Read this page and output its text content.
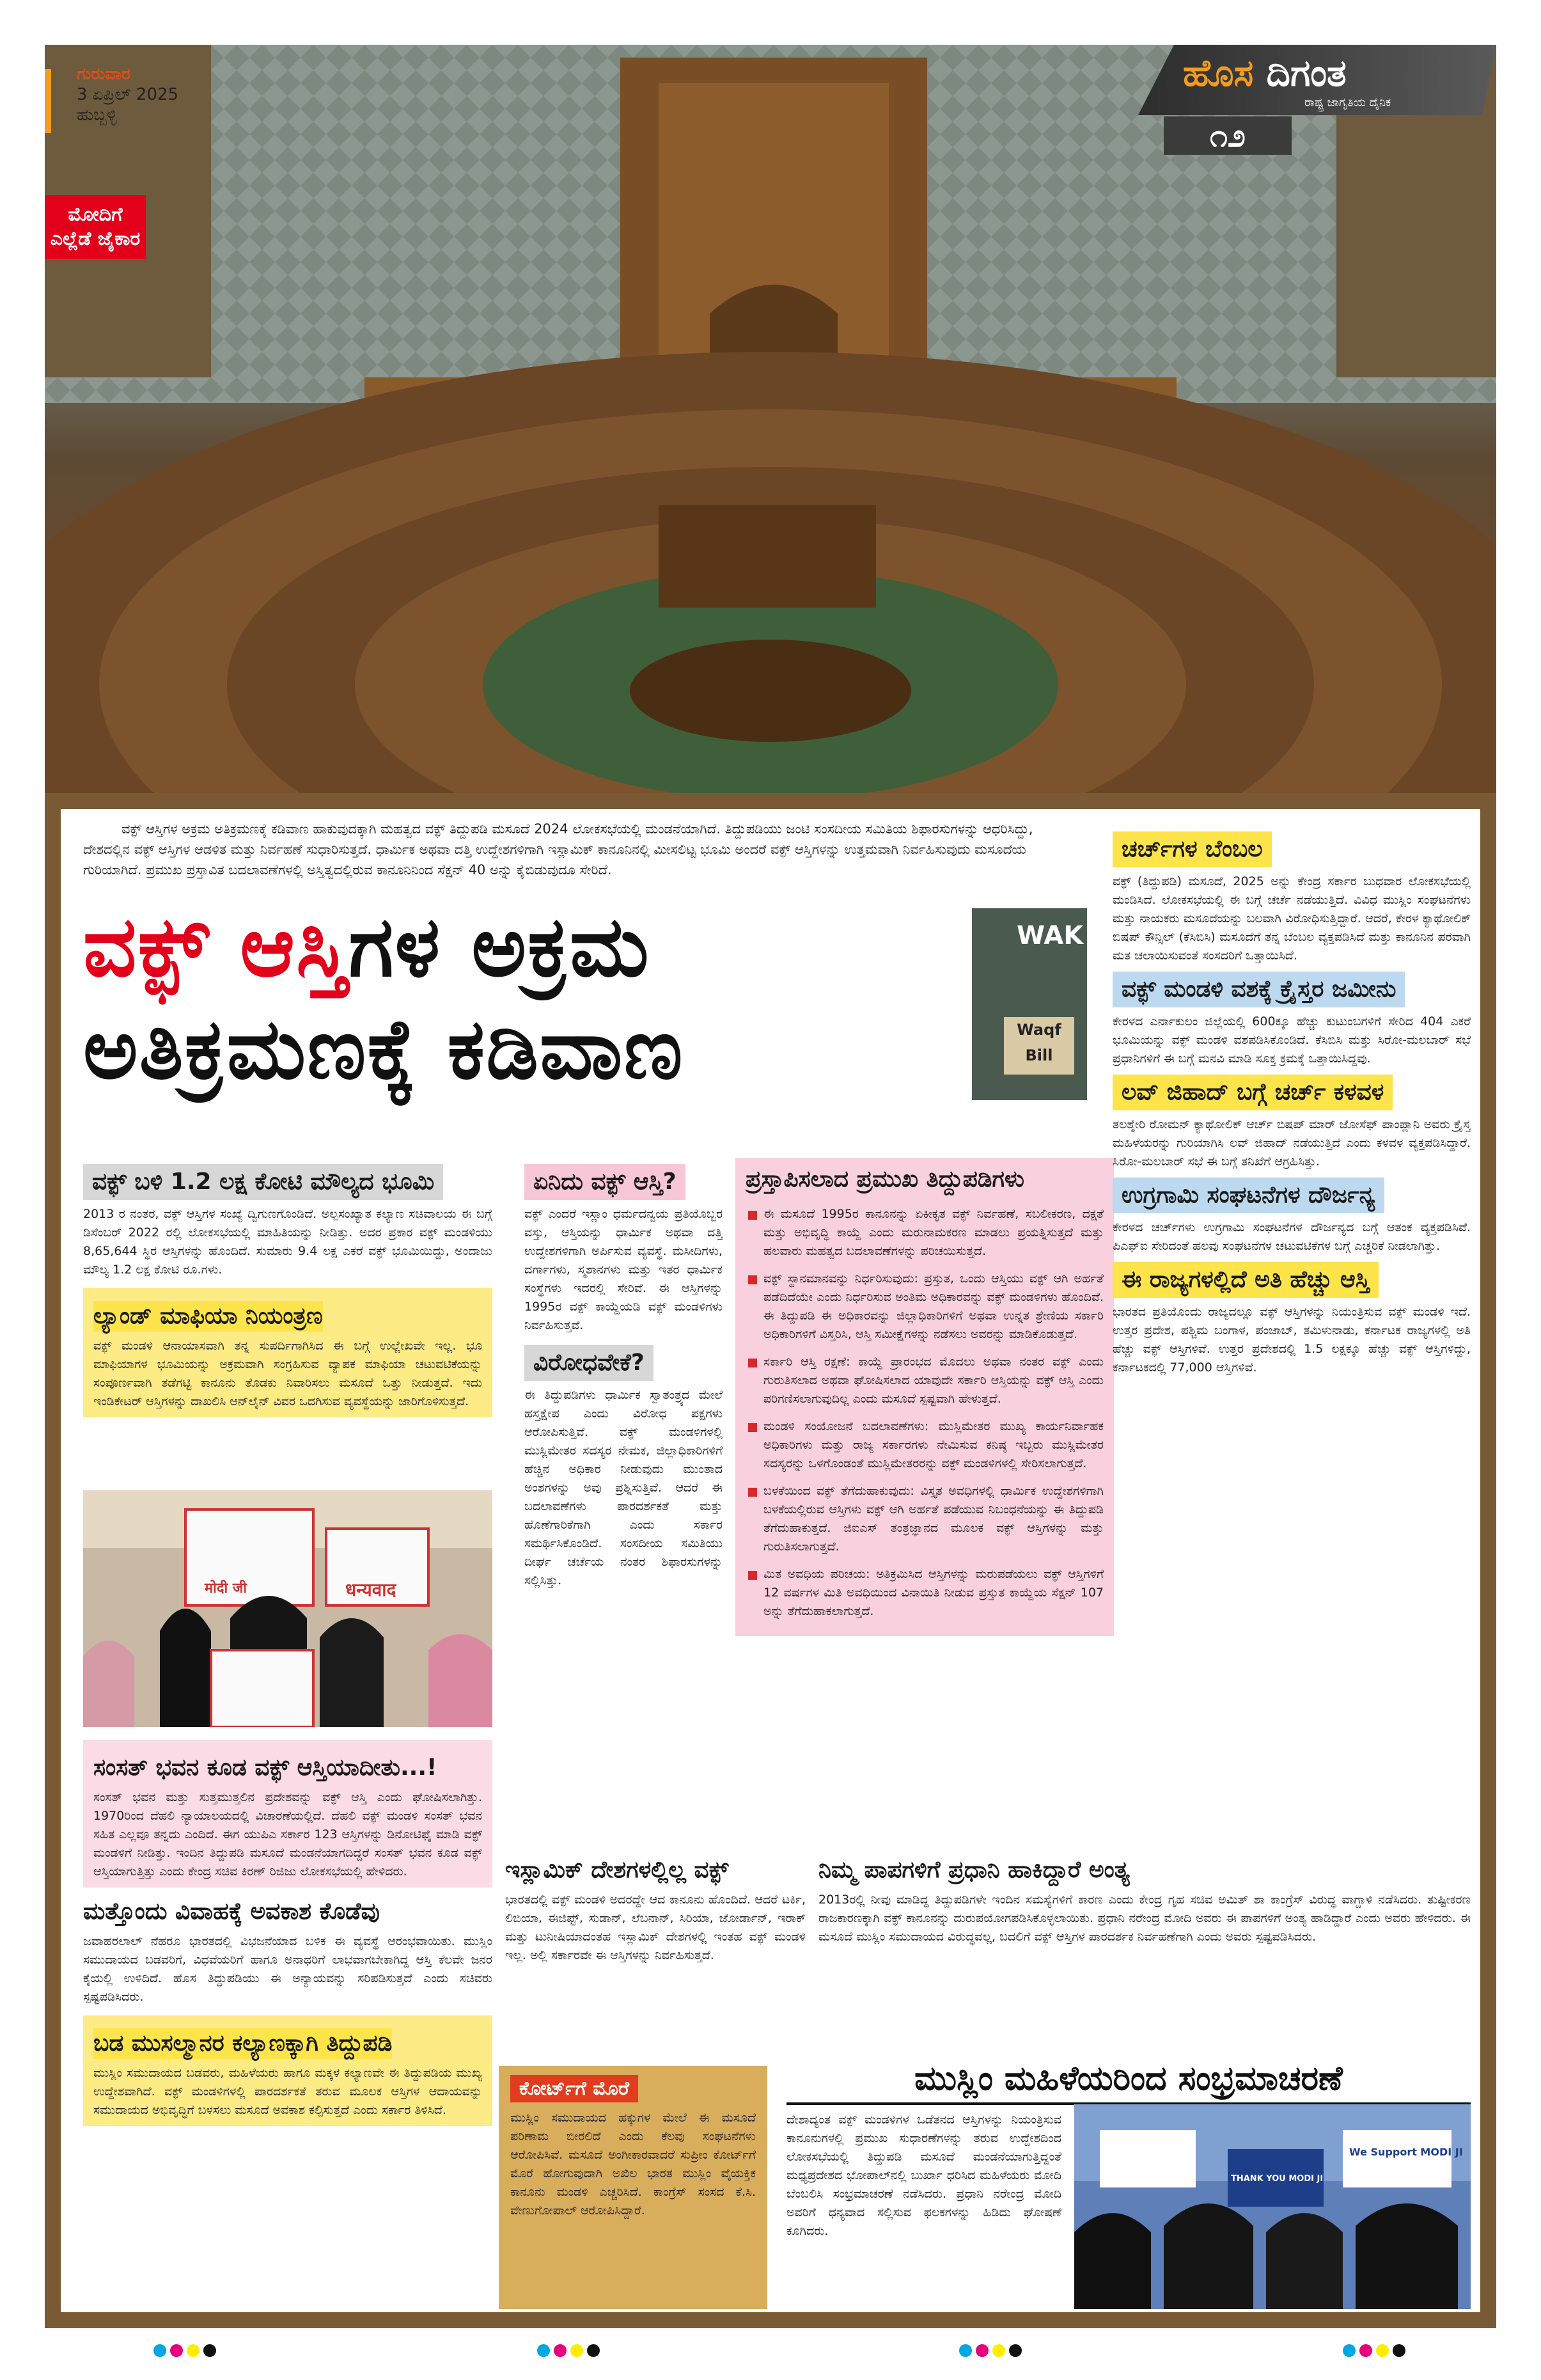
ಗುರುವಾರ
3 ಏಪ್ರಿಲ್ 2025
ಹುಬ್ಬಳ್ಳಿ
ಮೋದಿಗೆ ಎಲ್ಲೆಡೆ ಜೈಕಾರ
ಹೊಸ ದಿಗಂತ
ರಾಷ್ಟ್ರ ಜಾಗೃತಿಯ ದೈನಿಕ
೧೨
ವಕ್ಫ್ ಆಸ್ತಿಗಳ ಅಕ್ರಮ ಅತಿಕ್ರಮಣಕ್ಕೆ ಕಡಿವಾಣ ಹಾಕುವುದಕ್ಕಾಗಿ ಮಹತ್ವದ ವಕ್ಫ್ ತಿದ್ದುಪಡಿ ಮಸೂದೆ 2024 ಲೋಕಸಭೆಯಲ್ಲಿ ಮಂಡನೆಯಾಗಿದೆ. ತಿದ್ದುಪಡಿಯು ಜಂಟಿ ಸಂಸದೀಯ ಸಮಿತಿಯ ಶಿಫಾರಸುಗಳನ್ನು ಆಧರಿಸಿದ್ದು, ದೇಶದಲ್ಲಿನ ವಕ್ಫ್ ಆಸ್ತಿಗಳ ಆಡಳಿತ ಮತ್ತು ನಿರ್ವಹಣೆ ಸುಧಾರಿಸುತ್ತದೆ. ಧಾರ್ಮಿಕ ಅಥವಾ ದತ್ತಿ ಉದ್ದೇಶಗಳಿಗಾಗಿ ಇಸ್ಲಾಮಿಕ್ ಕಾನೂನಿನಲ್ಲಿ ಮೀಸಲಿಟ್ಟ ಭೂಮಿ ಅಂದರೆ ವಕ್ಫ್ ಆಸ್ತಿಗಳನ್ನು ಉತ್ತಮವಾಗಿ ನಿರ್ವಹಿಸುವುದು ಮಸೂದೆಯ ಗುರಿಯಾಗಿದೆ. ಪ್ರಮುಖ ಪ್ರಸ್ತಾವಿತ ಬದಲಾವಣೆಗಳಲ್ಲಿ ಅಸ್ತಿತ್ವದಲ್ಲಿರುವ ಕಾನೂನಿನಿಂದ ಸೆಕ್ಷನ್ 40 ಅನ್ನು ಕೈಬಿಡುವುದೂ ಸೇರಿದೆ.
ವಕ್ಫ್ ಆಸ್ತಿಗಳ ಅಕ್ರಮ
ಅತಿಕ್ರಮಣಕ್ಕೆ ಕಡಿವಾಣ
WAK
Waqf
Bill
ವಕ್ಫ್ ಬಳಿ 1.2 ಲಕ್ಷ ಕೋಟಿ ಮೌಲ್ಯದ ಭೂಮಿ
2013 ರ ನಂತರ, ವಕ್ಫ್ ಆಸ್ತಿಗಳ ಸಂಖ್ಯೆ ದ್ವಿಗುಣಗೊಂಡಿದೆ. ಅಲ್ಪಸಂಖ್ಯಾತ ಕಲ್ಯಾಣ ಸಚಿವಾಲಯ ಈ ಬಗ್ಗೆ ಡಿಸೆಂಬರ್ 2022 ರಲ್ಲಿ ಲೋಕಸಭೆಯಲ್ಲಿ ಮಾಹಿತಿಯನ್ನು ನೀಡಿತ್ತು. ಅದರ ಪ್ರಕಾರ ವಕ್ಫ್ ಮಂಡಳಿಯು 8,65,644 ಸ್ಥಿರ ಆಸ್ತಿಗಳನ್ನು ಹೊಂದಿದೆ. ಸುಮಾರು 9.4 ಲಕ್ಷ ಎಕರೆ ವಕ್ಫ್ ಭೂಮಿಯಿದ್ದು, ಅಂದಾಜು ಮೌಲ್ಯ 1.2 ಲಕ್ಷ ಕೋಟಿ ರೂ.ಗಳು.
ಲ್ಯಾಂಡ್ ಮಾಫಿಯಾ ನಿಯಂತ್ರಣ
ವಕ್ಫ್ ಮಂಡಳಿ ಆನಾಯಾಸವಾಗಿ ತನ್ನ ಸುಪರ್ದಿಗಾಗಿಸಿದ ಈ ಬಗ್ಗೆ ಉಲ್ಲೇಖವೇ ಇಲ್ಲ. ಭೂ ಮಾಫಿಯಾಗಳ ಭೂಮಿಯನ್ನು ಅಕ್ರಮವಾಗಿ ಸಂಗ್ರಹಿಸುವ ವ್ಯಾಪಕ ಮಾಫಿಯಾ ಚಟುವಟಿಕೆಯನ್ನು ಸಂಪೂರ್ಣವಾಗಿ ತಡೆಗಟ್ಟಿ ಕಾನೂನು ತೊಡಕು ನಿವಾರಿಸಲು ಮಸೂದೆ ಒತ್ತು ನೀಡುತ್ತದೆ. ಇದು ಇಂಡಿಕೇಟರ್ ಆಸ್ತಿಗಳನ್ನು ದಾಖಲಿಸಿ ಆನ್‌ಲೈನ್ ವಿವರ ಒದಗಿಸುವ ವ್ಯವಸ್ಥೆಯನ್ನು ಜಾರಿಗೊಳಿಸುತ್ತದೆ.
धन्यवाद
मोदी जी
ಸಂಸತ್ ಭವನ ಕೂಡ ವಕ್ಫ್ ಆಸ್ತಿಯಾದೀತು...!
ಸಂಸತ್ ಭವನ ಮತ್ತು ಸುತ್ತಮುತ್ತಲಿನ ಪ್ರದೇಶವನ್ನು ವಕ್ಫ್ ಆಸ್ತಿ ಎಂದು ಘೋಷಿಸಲಾಗಿತ್ತು. 1970ರಿಂದ ದೆಹಲಿ ನ್ಯಾಯಾಲಯದಲ್ಲಿ ವಿಚಾರಣೆಯಲ್ಲಿದೆ. ದೆಹಲಿ ವಕ್ಫ್ ಮಂಡಳಿ ಸಂಸತ್ ಭವನ ಸಹಿತ ಎಲ್ಲವೂ ತನ್ನದು ಎಂದಿದೆ. ಈಗ ಯುಪಿಎ ಸರ್ಕಾರ 123 ಆಸ್ತಿಗಳನ್ನು ಡಿನೋಟಿಫೈ ಮಾಡಿ ವಕ್ಫ್ ಮಂಡಳಿಗೆ ನೀಡಿತ್ತು. ಇಂದಿನ ತಿದ್ದುಪಡಿ ಮಸೂದೆ ಮಂಡನೆಯಾಗದಿದ್ದರೆ ಸಂಸತ್ ಭವನ ಕೂಡ ವಕ್ಫ್ ಆಸ್ತಿಯಾಗುತ್ತಿತ್ತು ಎಂದು ಕೇಂದ್ರ ಸಚಿವ ಕಿರಣ್ ರಿಜಿಜು ಲೋಕಸಭೆಯಲ್ಲಿ ಹೇಳಿದರು.
ಮತ್ತೊಂದು ವಿವಾಹಕ್ಕೆ ಅವಕಾಶ ಕೊಡೆವು
ಜವಾಹರಲಾಲ್ ನೆಹರೂ ಭಾರತದಲ್ಲಿ ವಿಭಜನೆಯಾದ ಬಳಿಕ ಈ ವ್ಯವಸ್ಥೆ ಆರಂಭವಾಯಿತು. ಮುಸ್ಲಿಂ ಸಮುದಾಯದ ಬಡವರಿಗೆ, ವಿಧವೆಯರಿಗೆ ಹಾಗೂ ಅನಾಥರಿಗೆ ಲಾಭವಾಗಬೇಕಾಗಿದ್ದ ಆಸ್ತಿ ಕೆಲವೇ ಜನರ ಕೈಯಲ್ಲಿ ಉಳಿದಿದೆ. ಹೊಸ ತಿದ್ದುಪಡಿಯು ಈ ಅನ್ಯಾಯವನ್ನು ಸರಿಪಡಿಸುತ್ತದೆ ಎಂದು ಸಚಿವರು ಸ್ಪಷ್ಟಪಡಿಸಿದರು.
ಬಡ ಮುಸಲ್ಮಾನರ ಕಲ್ಯಾಣಕ್ಕಾಗಿ ತಿದ್ದುಪಡಿ
ಮುಸ್ಲಿಂ ಸಮುದಾಯದ ಬಡವರು, ಮಹಿಳೆಯರು ಹಾಗೂ ಮಕ್ಕಳ ಕಲ್ಯಾಣವೇ ಈ ತಿದ್ದುಪಡಿಯ ಮುಖ್ಯ ಉದ್ದೇಶವಾಗಿದೆ. ವಕ್ಫ್ ಮಂಡಳಿಗಳಲ್ಲಿ ಪಾರದರ್ಶಕತೆ ತರುವ ಮೂಲಕ ಆಸ್ತಿಗಳ ಆದಾಯವನ್ನು ಸಮುದಾಯದ ಅಭಿವೃದ್ಧಿಗೆ ಬಳಸಲು ಮಸೂದೆ ಅವಕಾಶ ಕಲ್ಪಿಸುತ್ತದೆ ಎಂದು ಸರ್ಕಾರ ತಿಳಿಸಿದೆ.
ಏನಿದು ವಕ್ಫ್ ಆಸ್ತಿ?
ವಕ್ಫ್ ಎಂದರೆ ಇಸ್ಲಾಂ ಧರ್ಮದನ್ವಯ ಪ್ರತಿಯೊಬ್ಬರ ವಸ್ತು, ಆಸ್ತಿಯನ್ನು ಧಾರ್ಮಿಕ ಅಥವಾ ದತ್ತಿ ಉದ್ದೇಶಗಳಿಗಾಗಿ ಅರ್ಪಿಸುವ ವ್ಯವಸ್ಥೆ. ಮಸೀದಿಗಳು, ದರ್ಗಾಗಳು, ಸ್ಮಶಾನಗಳು ಮತ್ತು ಇತರ ಧಾರ್ಮಿಕ ಸಂಸ್ಥೆಗಳು ಇದರಲ್ಲಿ ಸೇರಿವೆ. ಈ ಆಸ್ತಿಗಳನ್ನು 1995ರ ವಕ್ಫ್ ಕಾಯ್ದೆಯಡಿ ವಕ್ಫ್ ಮಂಡಳಿಗಳು ನಿರ್ವಹಿಸುತ್ತವೆ.
ವಿರೋಧವೇಕೆ?
ಈ ತಿದ್ದುಪಡಿಗಳು ಧಾರ್ಮಿಕ ಸ್ವಾತಂತ್ರ್ಯದ ಮೇಲೆ ಹಸ್ತಕ್ಷೇಪ ಎಂದು ವಿರೋಧ ಪಕ್ಷಗಳು ಆರೋಪಿಸುತ್ತಿವೆ. ವಕ್ಫ್ ಮಂಡಳಿಗಳಲ್ಲಿ ಮುಸ್ಲಿಮೇತರ ಸದಸ್ಯರ ನೇಮಕ, ಜಿಲ್ಲಾಧಿಕಾರಿಗಳಿಗೆ ಹೆಚ್ಚಿನ ಅಧಿಕಾರ ನೀಡುವುದು ಮುಂತಾದ ಅಂಶಗಳನ್ನು ಅವು ಪ್ರಶ್ನಿಸುತ್ತಿವೆ. ಆದರೆ ಈ ಬದಲಾವಣೆಗಳು ಪಾರದರ್ಶಕತೆ ಮತ್ತು ಹೊಣೆಗಾರಿಕೆಗಾಗಿ ಎಂದು ಸರ್ಕಾರ ಸಮರ್ಥಿಸಿಕೊಂಡಿದೆ. ಸಂಸದೀಯ ಸಮಿತಿಯು ದೀರ್ಘ ಚರ್ಚೆಯ ನಂತರ ಶಿಫಾರಸುಗಳನ್ನು ಸಲ್ಲಿಸಿತ್ತು.
ಪ್ರಸ್ತಾಪಿಸಲಾದ ಪ್ರಮುಖ ತಿದ್ದುಪಡಿಗಳು
ಈ ಮಸೂದೆ 1995ರ ಕಾನೂನನ್ನು ಏಕೀಕೃತ ವಕ್ಫ್ ನಿರ್ವಹಣೆ, ಸಬಲೀಕರಣ, ದಕ್ಷತೆ ಮತ್ತು ಅಭಿವೃದ್ಧಿ ಕಾಯ್ದೆ ಎಂದು ಮರುನಾಮಕರಣ ಮಾಡಲು ಪ್ರಯತ್ನಿಸುತ್ತದೆ ಮತ್ತು ಹಲವಾರು ಮಹತ್ವದ ಬದಲಾವಣೆಗಳನ್ನು ಪರಿಚಯಿಸುತ್ತದೆ.
ವಕ್ಫ್ ಸ್ಥಾನಮಾನವನ್ನು ನಿರ್ಧರಿಸುವುದು: ಪ್ರಸ್ತುತ, ಒಂದು ಆಸ್ತಿಯು ವಕ್ಫ್ ಆಗಿ ಅರ್ಹತೆ ಪಡೆದಿದೆಯೇ ಎಂದು ನಿರ್ಧರಿಸುವ ಅಂತಿಮ ಅಧಿಕಾರವನ್ನು ವಕ್ಫ್ ಮಂಡಳಿಗಳು ಹೊಂದಿವೆ. ಈ ತಿದ್ದುಪಡಿ ಈ ಅಧಿಕಾರವನ್ನು ಜಿಲ್ಲಾಧಿಕಾರಿಗಳಿಗೆ ಅಥವಾ ಉನ್ನತ ಶ್ರೇಣಿಯ ಸರ್ಕಾರಿ ಅಧಿಕಾರಿಗಳಿಗೆ ವಿಸ್ತರಿಸಿ, ಆಸ್ತಿ ಸಮೀಕ್ಷೆಗಳನ್ನು ನಡೆಸಲು ಅವರನ್ನು ಮಾಡಿಕೊಡುತ್ತದೆ.
ಸರ್ಕಾರಿ ಆಸ್ತಿ ರಕ್ಷಣೆ: ಕಾಯ್ದೆ ಪ್ರಾರಂಭದ ಮೊದಲು ಅಥವಾ ನಂತರ ವಕ್ಫ್ ಎಂದು ಗುರುತಿಸಲಾದ ಅಥವಾ ಘೋಷಿಸಲಾದ ಯಾವುದೇ ಸರ್ಕಾರಿ ಆಸ್ತಿಯನ್ನು ವಕ್ಫ್ ಆಸ್ತಿ ಎಂದು ಪರಿಗಣಿಸಲಾಗುವುದಿಲ್ಲ ಎಂದು ಮಸೂದೆ ಸ್ಪಷ್ಟವಾಗಿ ಹೇಳುತ್ತದೆ.
ಮಂಡಳಿ ಸಂಯೋಜನೆ ಬದಲಾವಣೆಗಳು: ಮುಸ್ಲಿಮೇತರ ಮುಖ್ಯ ಕಾರ್ಯನಿರ್ವಾಹಕ ಅಧಿಕಾರಿಗಳು ಮತ್ತು ರಾಜ್ಯ ಸರ್ಕಾರಗಳು ನೇಮಿಸುವ ಕನಿಷ್ಠ ಇಬ್ಬರು ಮುಸ್ಲಿಮೇತರ ಸದಸ್ಯರನ್ನು ಒಳಗೊಂಡಂತೆ ಮುಸ್ಲಿಮೇತರರನ್ನು ವಕ್ಫ್ ಮಂಡಳಿಗಳಲ್ಲಿ ಸೇರಿಸಲಾಗುತ್ತದೆ.
ಬಳಕೆಯಿಂದ ವಕ್ಫ್ ತೆಗೆದುಹಾಕುವುದು: ವಿಸ್ತೃತ ಅವಧಿಗಳಲ್ಲಿ ಧಾರ್ಮಿಕ ಉದ್ದೇಶಗಳಿಗಾಗಿ ಬಳಕೆಯಲ್ಲಿರುವ ಆಸ್ತಿಗಳು ವಕ್ಫ್ ಆಗಿ ಅರ್ಹತೆ ಪಡೆಯುವ ನಿಬಂಧನೆಯನ್ನು ಈ ತಿದ್ದುಪಡಿ ತೆಗೆದುಹಾಕುತ್ತದೆ. ಜಿಐಎಸ್ ತಂತ್ರಜ್ಞಾನದ ಮೂಲಕ ವಕ್ಫ್ ಆಸ್ತಿಗಳನ್ನು ಮತ್ತು ಗುರುತಿಸಲಾಗುತ್ತದೆ.
ಮಿತ ಅವಧಿಯ ಪರಿಚಯ: ಅತಿಕ್ರಮಿಸಿದ ಆಸ್ತಿಗಳನ್ನು ಮರುಪಡೆಯಲು ವಕ್ಫ್ ಆಸ್ತಿಗಳಿಗೆ 12 ವರ್ಷಗಳ ಮಿತಿ ಅವಧಿಯಿಂದ ವಿನಾಯಿತಿ ನೀಡುವ ಪ್ರಸ್ತುತ ಕಾಯ್ದೆಯ ಸೆಕ್ಷನ್ 107 ಅನ್ನು ತೆಗೆದುಹಾಕಲಾಗುತ್ತದೆ.
ಚರ್ಚ್‌ಗಳ ಬೆಂಬಲ
ವಕ್ಫ್ (ತಿದ್ದುಪಡಿ) ಮಸೂದೆ, 2025 ಅನ್ನು ಕೇಂದ್ರ ಸರ್ಕಾರ ಬುಧವಾರ ಲೋಕಸಭೆಯಲ್ಲಿ ಮಂಡಿಸಿದೆ. ಲೋಕಸಭೆಯಲ್ಲಿ ಈ ಬಗ್ಗೆ ಚರ್ಚೆ ನಡೆಯುತ್ತಿದೆ. ವಿವಿಧ ಮುಸ್ಲಿಂ ಸಂಘಟನೆಗಳು ಮತ್ತು ನಾಯಕರು ಮಸೂದೆಯನ್ನು ಬಲವಾಗಿ ವಿರೋಧಿಸುತ್ತಿದ್ದಾರೆ. ಆದರೆ, ಕೇರಳ ಕ್ಯಾಥೋಲಿಕ್ ಬಿಷಪ್ ಕೌನ್ಸಿಲ್ (ಕೆಸಿಬಿಸಿ) ಮಸೂದೆಗೆ ತನ್ನ ಬೆಂಬಲ ವ್ಯಕ್ತಪಡಿಸಿದೆ ಮತ್ತು ಕಾನೂನಿನ ಪರವಾಗಿ ಮತ ಚಲಾಯಿಸುವಂತೆ ಸಂಸದರಿಗೆ ಒತ್ತಾಯಿಸಿದೆ.
ವಕ್ಫ್ ಮಂಡಳಿ ವಶಕ್ಕೆ ಕ್ರೈಸ್ತರ ಜಮೀನು
ಕೇರಳದ ಎರ್ನಾಕುಲಂ ಜಿಲ್ಲೆಯಲ್ಲಿ 600ಕ್ಕೂ ಹೆಚ್ಚು ಕುಟುಂಬಗಳಿಗೆ ಸೇರಿದ 404 ಎಕರೆ ಭೂಮಿಯನ್ನು ವಕ್ಫ್ ಮಂಡಳಿ ವಶಪಡಿಸಿಕೊಂಡಿದೆ. ಕೆಸಿಬಿಸಿ ಮತ್ತು ಸಿರೋ-ಮಲಬಾರ್ ಸಭೆ ಪ್ರಧಾನಿಗಳಿಗೆ ಈ ಬಗ್ಗೆ ಮನವಿ ಮಾಡಿ ಸೂಕ್ತ ಕ್ರಮಕ್ಕೆ ಒತ್ತಾಯಿಸಿದ್ದವು.
ಲವ್ ಜಿಹಾದ್ ಬಗ್ಗೆ ಚರ್ಚ್ ಕಳವಳ
ತಲಶ್ಶೇರಿ ರೋಮನ್ ಕ್ಯಾಥೋಲಿಕ್ ಆರ್ಚ್ ಬಿಷಪ್ ಮಾರ್ ಜೋಸೆಫ್ ಪಾಂಪ್ಲಾನಿ ಅವರು ಕ್ರೈಸ್ತ ಮಹಿಳೆಯರನ್ನು ಗುರಿಯಾಗಿಸಿ ಲವ್ ಜಿಹಾದ್ ನಡೆಯುತ್ತಿದೆ ಎಂದು ಕಳವಳ ವ್ಯಕ್ತಪಡಿಸಿದ್ದಾರೆ. ಸಿರೋ-ಮಲಬಾರ್ ಸಭೆ ಈ ಬಗ್ಗೆ ತನಿಖೆಗೆ ಆಗ್ರಹಿಸಿತ್ತು.
ಉಗ್ರಗಾಮಿ ಸಂಘಟನೆಗಳ ದೌರ್ಜನ್ಯ
ಕೇರಳದ ಚರ್ಚ್‌ಗಳು ಉಗ್ರಗಾಮಿ ಸಂಘಟನೆಗಳ ದೌರ್ಜನ್ಯದ ಬಗ್ಗೆ ಆತಂಕ ವ್ಯಕ್ತಪಡಿಸಿವೆ. ಪಿಎಫ್‌ಐ ಸೇರಿದಂತೆ ಹಲವು ಸಂಘಟನೆಗಳ ಚಟುವಟಿಕೆಗಳ ಬಗ್ಗೆ ಎಚ್ಚರಿಕೆ ನೀಡಲಾಗಿತ್ತು.
ಈ ರಾಜ್ಯಗಳಲ್ಲಿದೆ ಅತಿ ಹೆಚ್ಚು ಆಸ್ತಿ
ಭಾರತದ ಪ್ರತಿಯೊಂದು ರಾಜ್ಯದಲ್ಲೂ ವಕ್ಫ್ ಆಸ್ತಿಗಳನ್ನು ನಿಯಂತ್ರಿಸುವ ವಕ್ಫ್ ಮಂಡಳಿ ಇದೆ. ಉತ್ತರ ಪ್ರದೇಶ, ಪಶ್ಚಿಮ ಬಂಗಾಳ, ಪಂಜಾಬ್, ತಮಿಳುನಾಡು, ಕರ್ನಾಟಕ ರಾಜ್ಯಗಳಲ್ಲಿ ಅತಿ ಹೆಚ್ಚು ವಕ್ಫ್ ಆಸ್ತಿಗಳಿವೆ. ಉತ್ತರ ಪ್ರದೇಶದಲ್ಲಿ 1.5 ಲಕ್ಷಕ್ಕೂ ಹೆಚ್ಚು ವಕ್ಫ್ ಆಸ್ತಿಗಳಿದ್ದು, ಕರ್ನಾಟಕದಲ್ಲಿ 77,000 ಆಸ್ತಿಗಳಿವೆ.
ಇಸ್ಲಾಮಿಕ್ ದೇಶಗಳಲ್ಲಿಲ್ಲ ವಕ್ಫ್
ಭಾರತದಲ್ಲಿ ವಕ್ಫ್ ಮಂಡಳಿ ಅದರದ್ದೇ ಆದ ಕಾನೂನು ಹೊಂದಿದೆ. ಆದರೆ ಟರ್ಕಿ, ಲಿಬಿಯಾ, ಈಜಿಪ್ಟ್, ಸುಡಾನ್, ಲೆಬನಾನ್, ಸಿರಿಯಾ, ಜೋರ್ಡಾನ್, ಇರಾಕ್ ಮತ್ತು ಟುನೀಷಿಯಾದಂತಹ ಇಸ್ಲಾಮಿಕ್ ದೇಶಗಳಲ್ಲಿ ಇಂತಹ ವಕ್ಫ್ ಮಂಡಳಿ ಇಲ್ಲ. ಅಲ್ಲಿ ಸರ್ಕಾರವೇ ಈ ಆಸ್ತಿಗಳನ್ನು ನಿರ್ವಹಿಸುತ್ತದೆ.
ನಿಮ್ಮ ಪಾಪಗಳಿಗೆ ಪ್ರಧಾನಿ ಹಾಕಿದ್ದಾರೆ ಅಂತ್ಯ
2013ರಲ್ಲಿ ನೀವು ಮಾಡಿದ್ದ ತಿದ್ದುಪಡಿಗಳೇ ಇಂದಿನ ಸಮಸ್ಯೆಗಳಿಗೆ ಕಾರಣ ಎಂದು ಕೇಂದ್ರ ಗೃಹ ಸಚಿವ ಅಮಿತ್ ಶಾ ಕಾಂಗ್ರೆಸ್ ವಿರುದ್ಧ ವಾಗ್ದಾಳಿ ನಡೆಸಿದರು. ತುಷ್ಟೀಕರಣ ರಾಜಕಾರಣಕ್ಕಾಗಿ ವಕ್ಫ್ ಕಾನೂನನ್ನು ದುರುಪಯೋಗಪಡಿಸಿಕೊಳ್ಳಲಾಯಿತು. ಪ್ರಧಾನಿ ನರೇಂದ್ರ ಮೋದಿ ಅವರು ಈ ಪಾಪಗಳಿಗೆ ಅಂತ್ಯ ಹಾಡಿದ್ದಾರೆ ಎಂದು ಅವರು ಹೇಳಿದರು. ಈ ಮಸೂದೆ ಮುಸ್ಲಿಂ ಸಮುದಾಯದ ವಿರುದ್ಧವಲ್ಲ, ಬದಲಿಗೆ ವಕ್ಫ್ ಆಸ್ತಿಗಳ ಪಾರದರ್ಶಕ ನಿರ್ವಹಣೆಗಾಗಿ ಎಂದು ಅವರು ಸ್ಪಷ್ಟಪಡಿಸಿದರು.
ಕೋರ್ಟ್‌ಗೆ ಮೊರೆ
ಮುಸ್ಲಿಂ ಸಮುದಾಯದ ಹಕ್ಕುಗಳ ಮೇಲೆ ಈ ಮಸೂದೆ ಪರಿಣಾಮ ಬೀರಲಿದೆ ಎಂದು ಕೆಲವು ಸಂಘಟನೆಗಳು ಆರೋಪಿಸಿವೆ. ಮಸೂದೆ ಅಂಗೀಕಾರವಾದರೆ ಸುಪ್ರೀಂ ಕೋರ್ಟ್‌ಗೆ ಮೊರೆ ಹೋಗುವುದಾಗಿ ಅಖಿಲ ಭಾರತ ಮುಸ್ಲಿಂ ವೈಯಕ್ತಿಕ ಕಾನೂನು ಮಂಡಳಿ ಎಚ್ಚರಿಸಿದೆ. ಕಾಂಗ್ರೆಸ್ ಸಂಸದ ಕೆ.ಸಿ. ವೇಣುಗೋಪಾಲ್ ಆರೋಪಿಸಿದ್ದಾರೆ.
ಮುಸ್ಲಿಂ ಮಹಿಳೆಯರಿಂದ ಸಂಭ್ರಮಾಚರಣೆ
ದೇಶಾದ್ಯಂತ ವಕ್ಫ್ ಮಂಡಳಿಗಳ ಒಡೆತನದ ಆಸ್ತಿಗಳನ್ನು ನಿಯಂತ್ರಿಸುವ ಕಾನೂನುಗಳಲ್ಲಿ ಪ್ರಮುಖ ಸುಧಾರಣೆಗಳನ್ನು ತರುವ ಉದ್ದೇಶದಿಂದ ಲೋಕಸಭೆಯಲ್ಲಿ ತಿದ್ದುಪಡಿ ಮಸೂದೆ ಮಂಡನೆಯಾಗುತ್ತಿದ್ದಂತೆ ಮಧ್ಯಪ್ರದೇಶದ ಭೋಪಾಲ್‌ನಲ್ಲಿ ಬುರ್ಖಾ ಧರಿಸಿದ ಮಹಿಳೆಯರು ಮೋದಿ ಬೆಂಬಲಿಸಿ ಸಂಭ್ರಮಾಚರಣೆ ನಡೆಸಿದರು. ಪ್ರಧಾನಿ ನರೇಂದ್ರ ಮೋದಿ ಅವರಿಗೆ ಧನ್ಯವಾದ ಸಲ್ಲಿಸುವ ಫಲಕಗಳನ್ನು ಹಿಡಿದು ಘೋಷಣೆ ಕೂಗಿದರು.
We Support MODI JI
THANK YOU MODI JI
